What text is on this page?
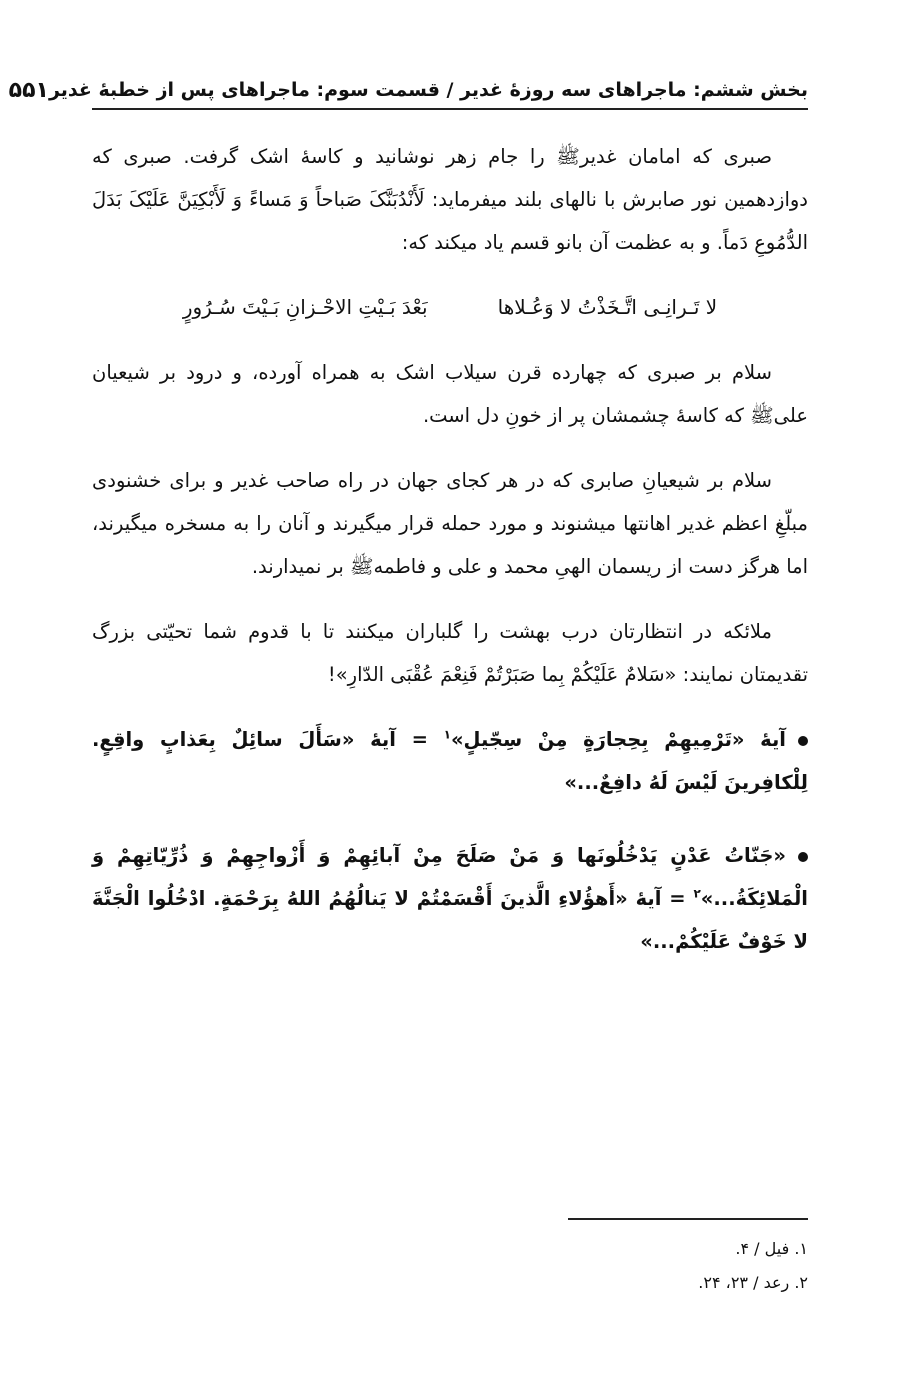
بخش ششم: ماجراهای سه روزهٔ غدیر / قسمت سوم: ماجراهای پس از خطبهٔ غدیر
۵۵۱

صبری که امامان غدیرﷺ را جام زهر نوشانید و کاسهٔ اشک گرفت. صبری که دوازدهمین نور صابرش با نالهای بلند میفرماید: لَأَنْدُبَنَّکَ صَباحاً وَ مَساءً وَ لَأَبْکِیَنَّ عَلَیْکَ بَدَلَ الدُّمُوعِ دَماً. و به عظمت آن بانو قسم یاد میکند که:

لا تَـرانِـی اتَّـخَذْتُ لا وَعُـلاها
بَعْدَ بَـیْتِ الاحْـزانِ بَـیْتَ سُـرُورٍ

سلام بر صبری که چهارده قرن سیلاب اشک به همراه آورده، و درود بر شیعیان علیﷺ که کاسهٔ چشمشان پر از خونِ دل است.

سلام بر شیعیانِ صابری که در هر کجای جهان در راه صاحب غدیر و برای خشنودی مبلّغِ اعظم غدیر اهانتها میشنوند و مورد حمله قرار میگیرند و آنان را به مسخره میگیرند، اما هرگز دست از ریسمان الهیِ محمد و علی و فاطمهﷺ بر نمیدارند.

ملائکه در انتظارتان درب بهشت را گلباران میکنند تا با قدوم شما تحیّتی بزرگ تقدیمتان نمایند: «سَلامٌ عَلَیْکُمْ بِما صَبَرْتُمْ فَنِعْمَ عُقْبَی الدّارِ»!

آیهٔ «تَرْمِیهِمْ بِحِجارَةٍ مِنْ سِجّیلٍ»$^۱$ = آیهٔ «سَأَلَ سائِلٌ بِعَذابٍ واقِعٍ. لِلْکافِرینَ لَیْسَ لَهُ دافِعٌ...»
«جَنّاتُ عَدْنٍ یَدْخُلُونَها وَ مَنْ صَلَحَ مِنْ آبائِهِمْ وَ أَزْواجِهِمْ وَ ذُرِّیّاتِهِمْ وَ الْمَلائِکَةُ...»$^۲$ = آیهٔ «أَهؤُلاءِ الَّذینَ أَقْسَمْتُمْ لا یَنالُهُمُ اللهُ بِرَحْمَةٍ. ادْخُلُوا الْجَنَّةَ لا خَوْفٌ عَلَیْکُمْ...»
۱. فیل / ۴.
۲. رعد / ۲۳، ۲۴.
